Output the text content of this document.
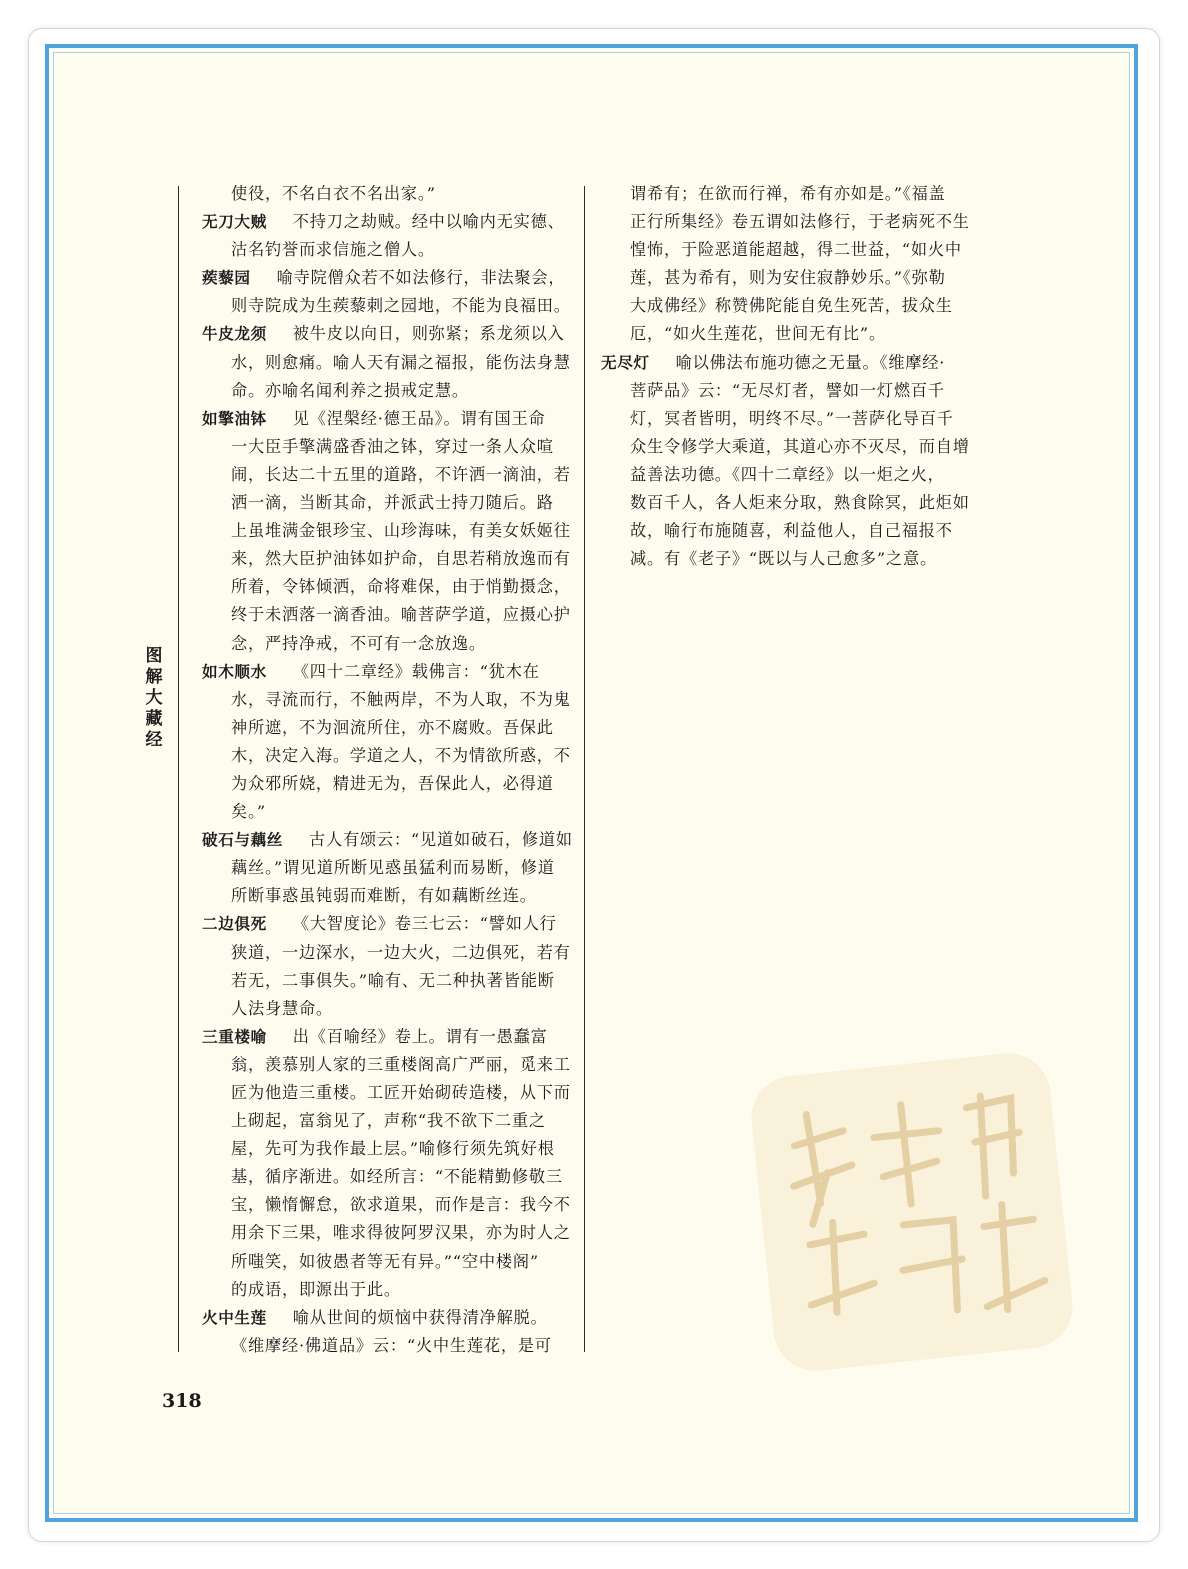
使役，不名白衣不名出家。”
无刀大贼 不持刀之劫贼。经中以喻内无实德、
沽名钓誉而求信施之僧人。
蒺藜园 喻寺院僧众若不如法修行，非法聚会，
则寺院成为生蒺藜刺之园地，不能为良福田。
牛皮龙须 被牛皮以向日，则弥紧；系龙须以入
水，则愈痛。喻人天有漏之福报，能伤法身慧
命。亦喻名闻利养之损戒定慧。
如擎油钵 见《涅槃经·德王品》。谓有国王命
一大臣手擎满盛香油之钵，穿过一条人众喧
闹，长达二十五里的道路，不许洒一滴油，若
洒一滴，当断其命，并派武士持刀随后。路
上虽堆满金银珍宝、山珍海味，有美女妖姬往
来，然大臣护油钵如护命，自思若稍放逸而有
所着，令钵倾洒，命将难保，由于悄勤摄念，
终于未洒落一滴香油。喻菩萨学道，应摄心护
念，严持净戒，不可有一念放逸。
如木顺水 《四十二章经》载佛言：“犹木在
水，寻流而行，不触两岸，不为人取，不为鬼
神所遮，不为洄流所住，亦不腐败。吾保此
木，决定入海。学道之人，不为情欲所惑，不
为众邪所娆，精进无为，吾保此人，必得道
矣。”
破石与藕丝 古人有颂云：“见道如破石，修道如
藕丝。”谓见道所断见惑虽猛利而易断，修道
所断事惑虽钝弱而难断，有如藕断丝连。
二边俱死 《大智度论》卷三七云：“譬如人行
狭道，一边深水，一边大火，二边俱死，若有
若无，二事俱失。”喻有、无二种执著皆能断
人法身慧命。
三重楼喻 出《百喻经》卷上。谓有一愚蠢富
翁，羡慕别人家的三重楼阁高广严丽，觅来工
匠为他造三重楼。工匠开始砌砖造楼，从下而
上砌起，富翁见了，声称“我不欲下二重之
屋，先可为我作最上层。”喻修行须先筑好根
基，循序渐进。如经所言：“不能精勤修敬三
宝，懒惰懈怠，欲求道果，而作是言：我今不
用余下三果，唯求得彼阿罗汉果，亦为时人之
所嗤笑，如彼愚者等无有异。”“空中楼阁”
的成语，即源出于此。
火中生莲 喻从世间的烦恼中获得清净解脱。
《维摩经·佛道品》云：“火中生莲花，是可
谓希有；在欲而行禅，希有亦如是。”《福盖
正行所集经》卷五谓如法修行，于老病死不生
惶怖，于险恶道能超越，得二世益，“如火中
莲，甚为希有，则为安住寂静妙乐。”《弥勒
大成佛经》称赞佛陀能自免生死苦，拔众生
厄，“如火生莲花，世间无有比”。
无尽灯 喻以佛法布施功德之无量。《维摩经·
菩萨品》云：“无尽灯者，譬如一灯燃百千
灯，冥者皆明，明终不尽。”一菩萨化导百千
众生令修学大乘道，其道心亦不灭尽，而自增
益善法功德。《四十二章经》以一炬之火，
数百千人，各人炬来分取，熟食除冥，此炬如
故，喻行布施随喜，利益他人，自己福报不
减。有《老子》“既以与人己愈多”之意。
图
解
大
藏
经
318
